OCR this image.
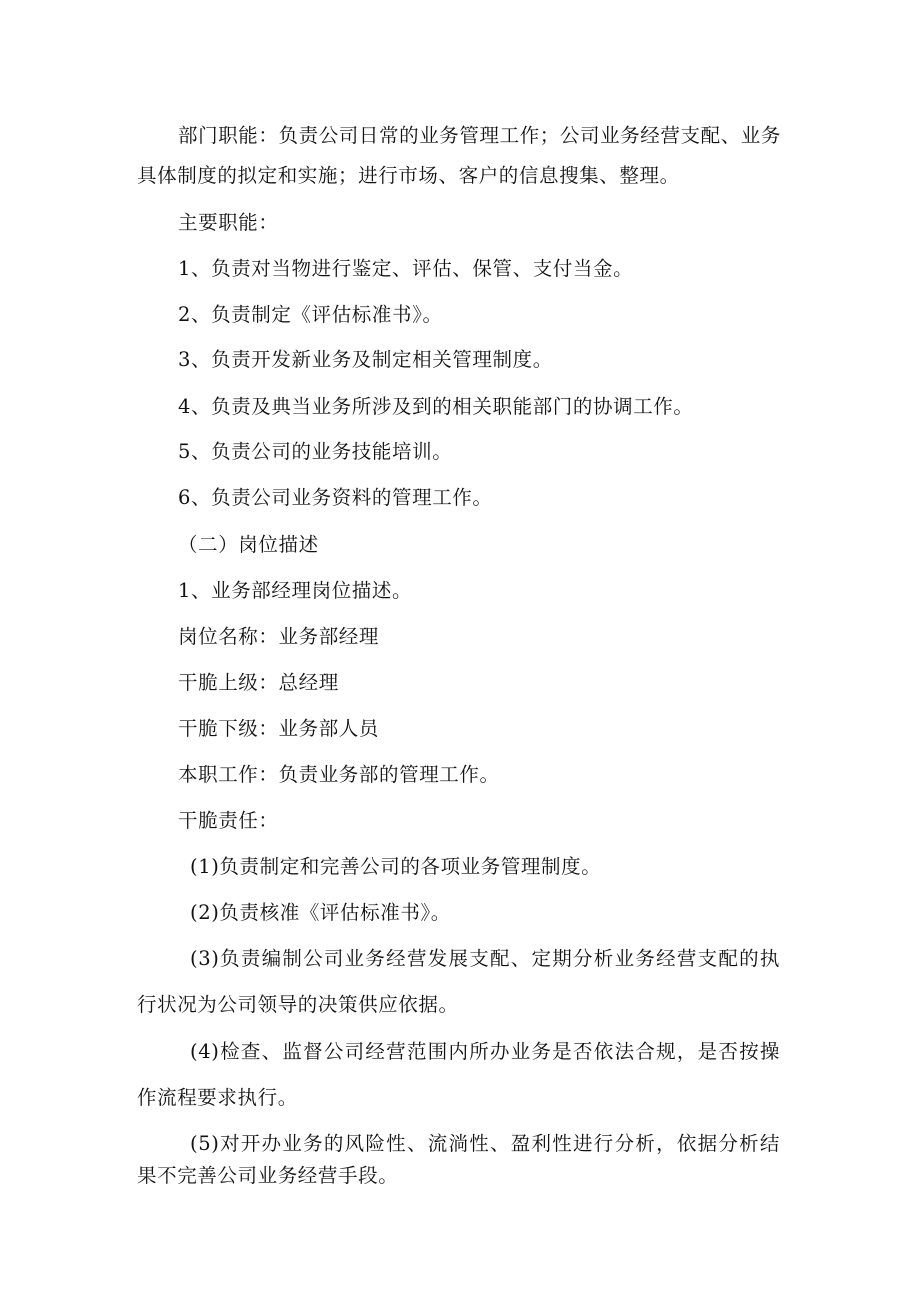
部门职能：负责公司日常的业务管理工作；公司业务经营支配、业务
具体制度的拟定和实施；进行市场、客户的信息搜集、整理。
主要职能：
1、负责对当物进行鉴定、评估、保管、支付当金。
2、负责制定《评估标准书》。
3、负责开发新业务及制定相关管理制度。
4、负责及典当业务所涉及到的相关职能部门的协调工作。
5、负责公司的业务技能培训。
6、负责公司业务资料的管理工作。
（二）岗位描述
1、业务部经理岗位描述。
岗位名称：业务部经理
干脆上级：总经理
干脆下级：业务部人员
本职工作：负责业务部的管理工作。
干脆责任：
(1)负责制定和完善公司的各项业务管理制度。
(2)负责核准《评估标准书》。
(3)负责编制公司业务经营发展支配、定期分析业务经营支配的执
行状况为公司领导的决策供应依据。
(4)检查、监督公司经营范围内所办业务是否依法合规，是否按操
作流程要求执行。
(5)对开办业务的风险性、流淌性、盈利性进行分析，依据分析结
果不完善公司业务经营手段。
